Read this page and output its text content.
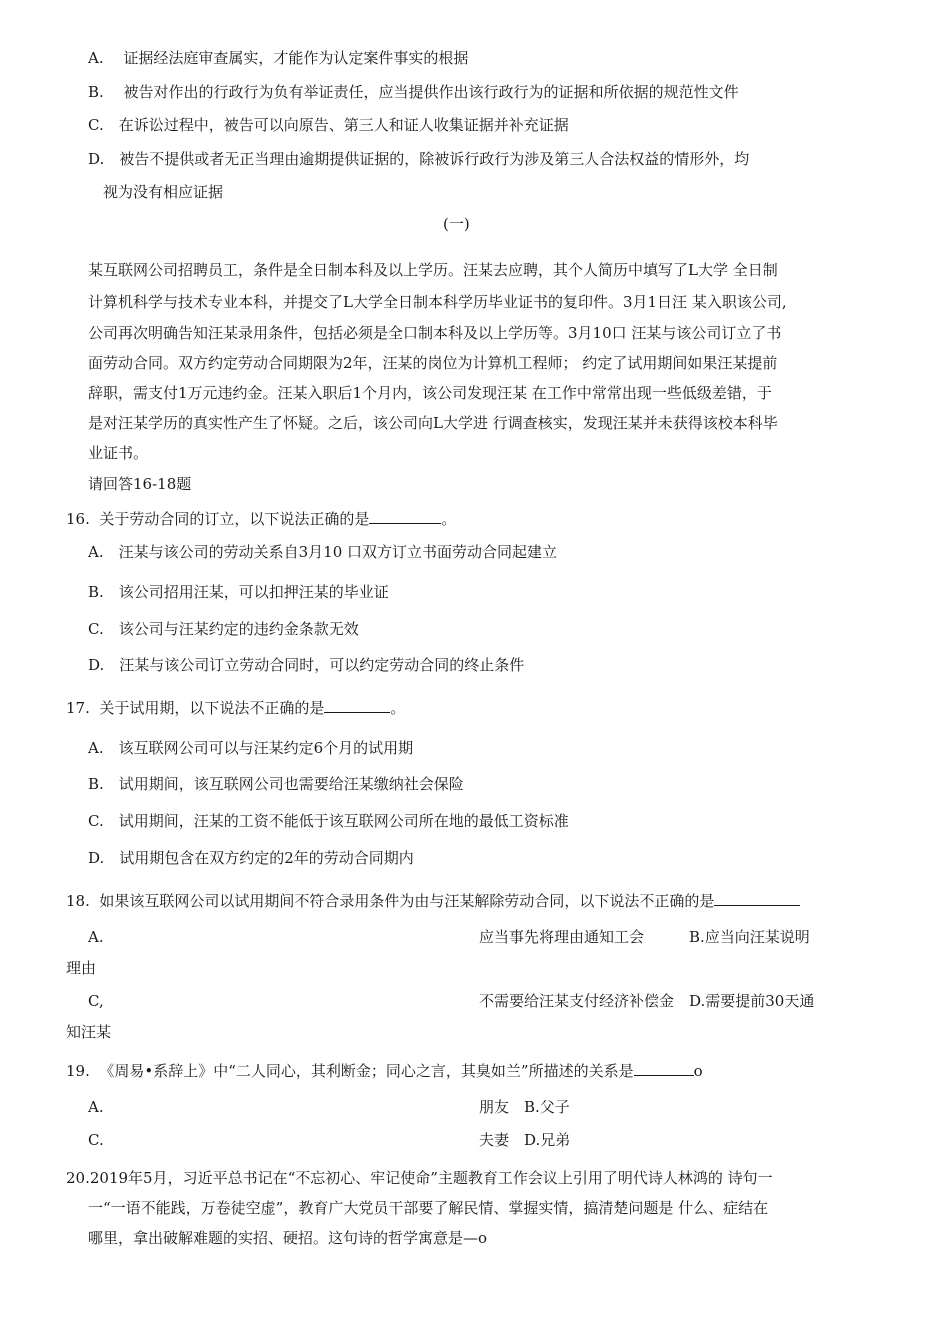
A.　 证据经法庭审查属实，才能作为认定案件事实的根据
B.　 被告对作出的行政行为负有举证责任，应当提供作出该行政行为的证据和所依据的规范性文件
C.　在诉讼过程中，被告可以向原告、第三人和证人收集证据并补充证据
D.　被告不提供或者无正当理由逾期提供证据的，除被诉行政行为涉及第三人合法权益的情形外，均
视为没有相应证据
(一)
某互联网公司招聘员工，条件是全日制本科及以上学历。汪某去应聘，其个人简历中填写了L大学 全日制
计算机科学与技术专业本科，并提交了L大学全日制本科学历毕业证书的复印件。3月1日汪 某入职该公司,
公司再次明确告知汪某录用条件，包括必须是全口制本科及以上学历等。3月10口 汪某与该公司订立了书
面劳动合同。双方约定劳动合同期限为2年，汪某的岗位为计算机工程师； 约定了试用期间如果汪某提前
辞职，需支付1万元违约金。汪某入职后1个月内，该公司发现汪某 在工作中常常出现一些低级差错，于
是对汪某学历的真实性产生了怀疑。之后，该公司向L大学进 行调查核实，发现汪某并未获得该校本科毕
业证书。
请回答16-18题
16. 关于劳动合同的订立，以下说法正确的是	。
A.　汪某与该公司的劳动关系自3月10 口双方订立书面劳动合同起建立
B.　该公司招用汪某，可以扣押汪某的毕业证
C.　该公司与汪某约定的违约金条款无效
D.　汪某与该公司订立劳动合同时，可以约定劳动合同的终止条件
17. 关于试用期，以下说法不正确的是	。
A.　该互联网公司可以与汪某约定6个月的试用期
B.　试用期间，该互联网公司也需要给汪某缴纳社会保险
C.　试用期间，汪某的工资不能低于该互联网公司所在地的最低工资标准
D.　试用期包含在双方约定的2年的劳动合同期内
18. 如果该互联网公司以试用期间不符合录用条件为由与汪某解除劳动合同，以下说法不正确的是
A.	应当事先将理由通知工会　　　B.应当向汪某说明
理由
C,	不需要给汪某支付经济补偿金　D.需要提前30天通
知汪某
19. 《周易•系辞上》中“二人同心，其利断金；同心之言，其臭如兰”所描述的关系是	o
A.	朋友　B.父子
C.	夫妻　D.兄弟
20.2019年5月，习近平总书记在“不忘初心、牢记使命”主题教育工作会议上引用了明代诗人林鸿的 诗句一
一“一语不能践，万卷徒空虚”，教育广大党员干部要了解民情、掌握实情，搞清楚问题是 什么、症结在
哪里，拿出破解难题的实招、硬招。这句诗的哲学寓意是—o
